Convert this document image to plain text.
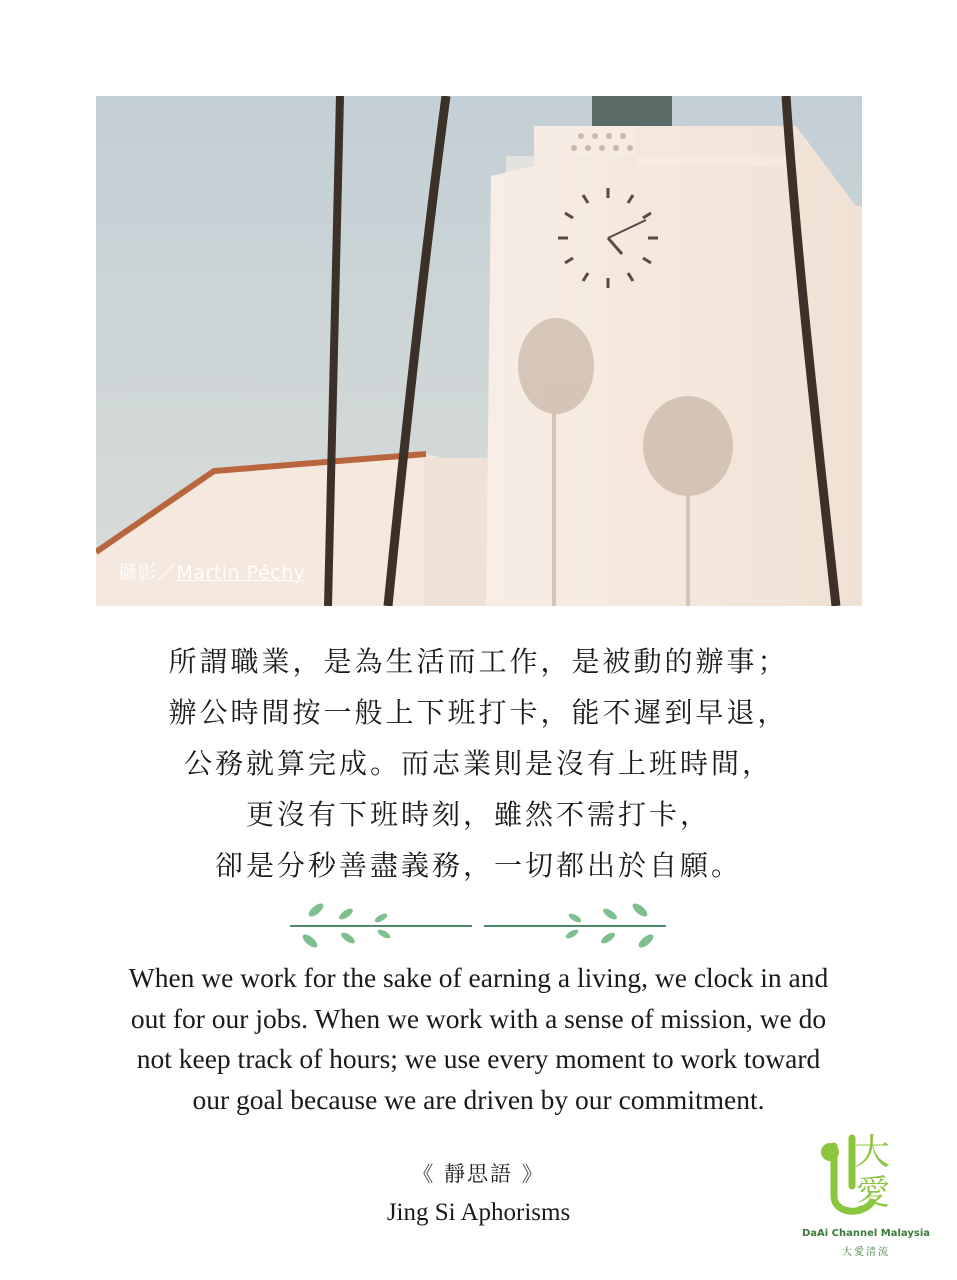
攝影／Martin Péchy
所謂職業，是為生活而工作，是被動的辦事；
辦公時間按一般上下班打卡，能不遲到早退，
公務就算完成。而志業則是沒有上班時間，
更沒有下班時刻，雖然不需打卡，
卻是分秒善盡義務，一切都出於自願。
When we work for the sake of earning a living, we clock in and
out for our jobs. When we work with a sense of mission, we do
not keep track of hours; we use every moment to work toward
our goal because we are driven by our commitment.
《 靜思語 》
Jing Si Aphorisms
大
愛
DaAi Channel Malaysia
大愛清流
